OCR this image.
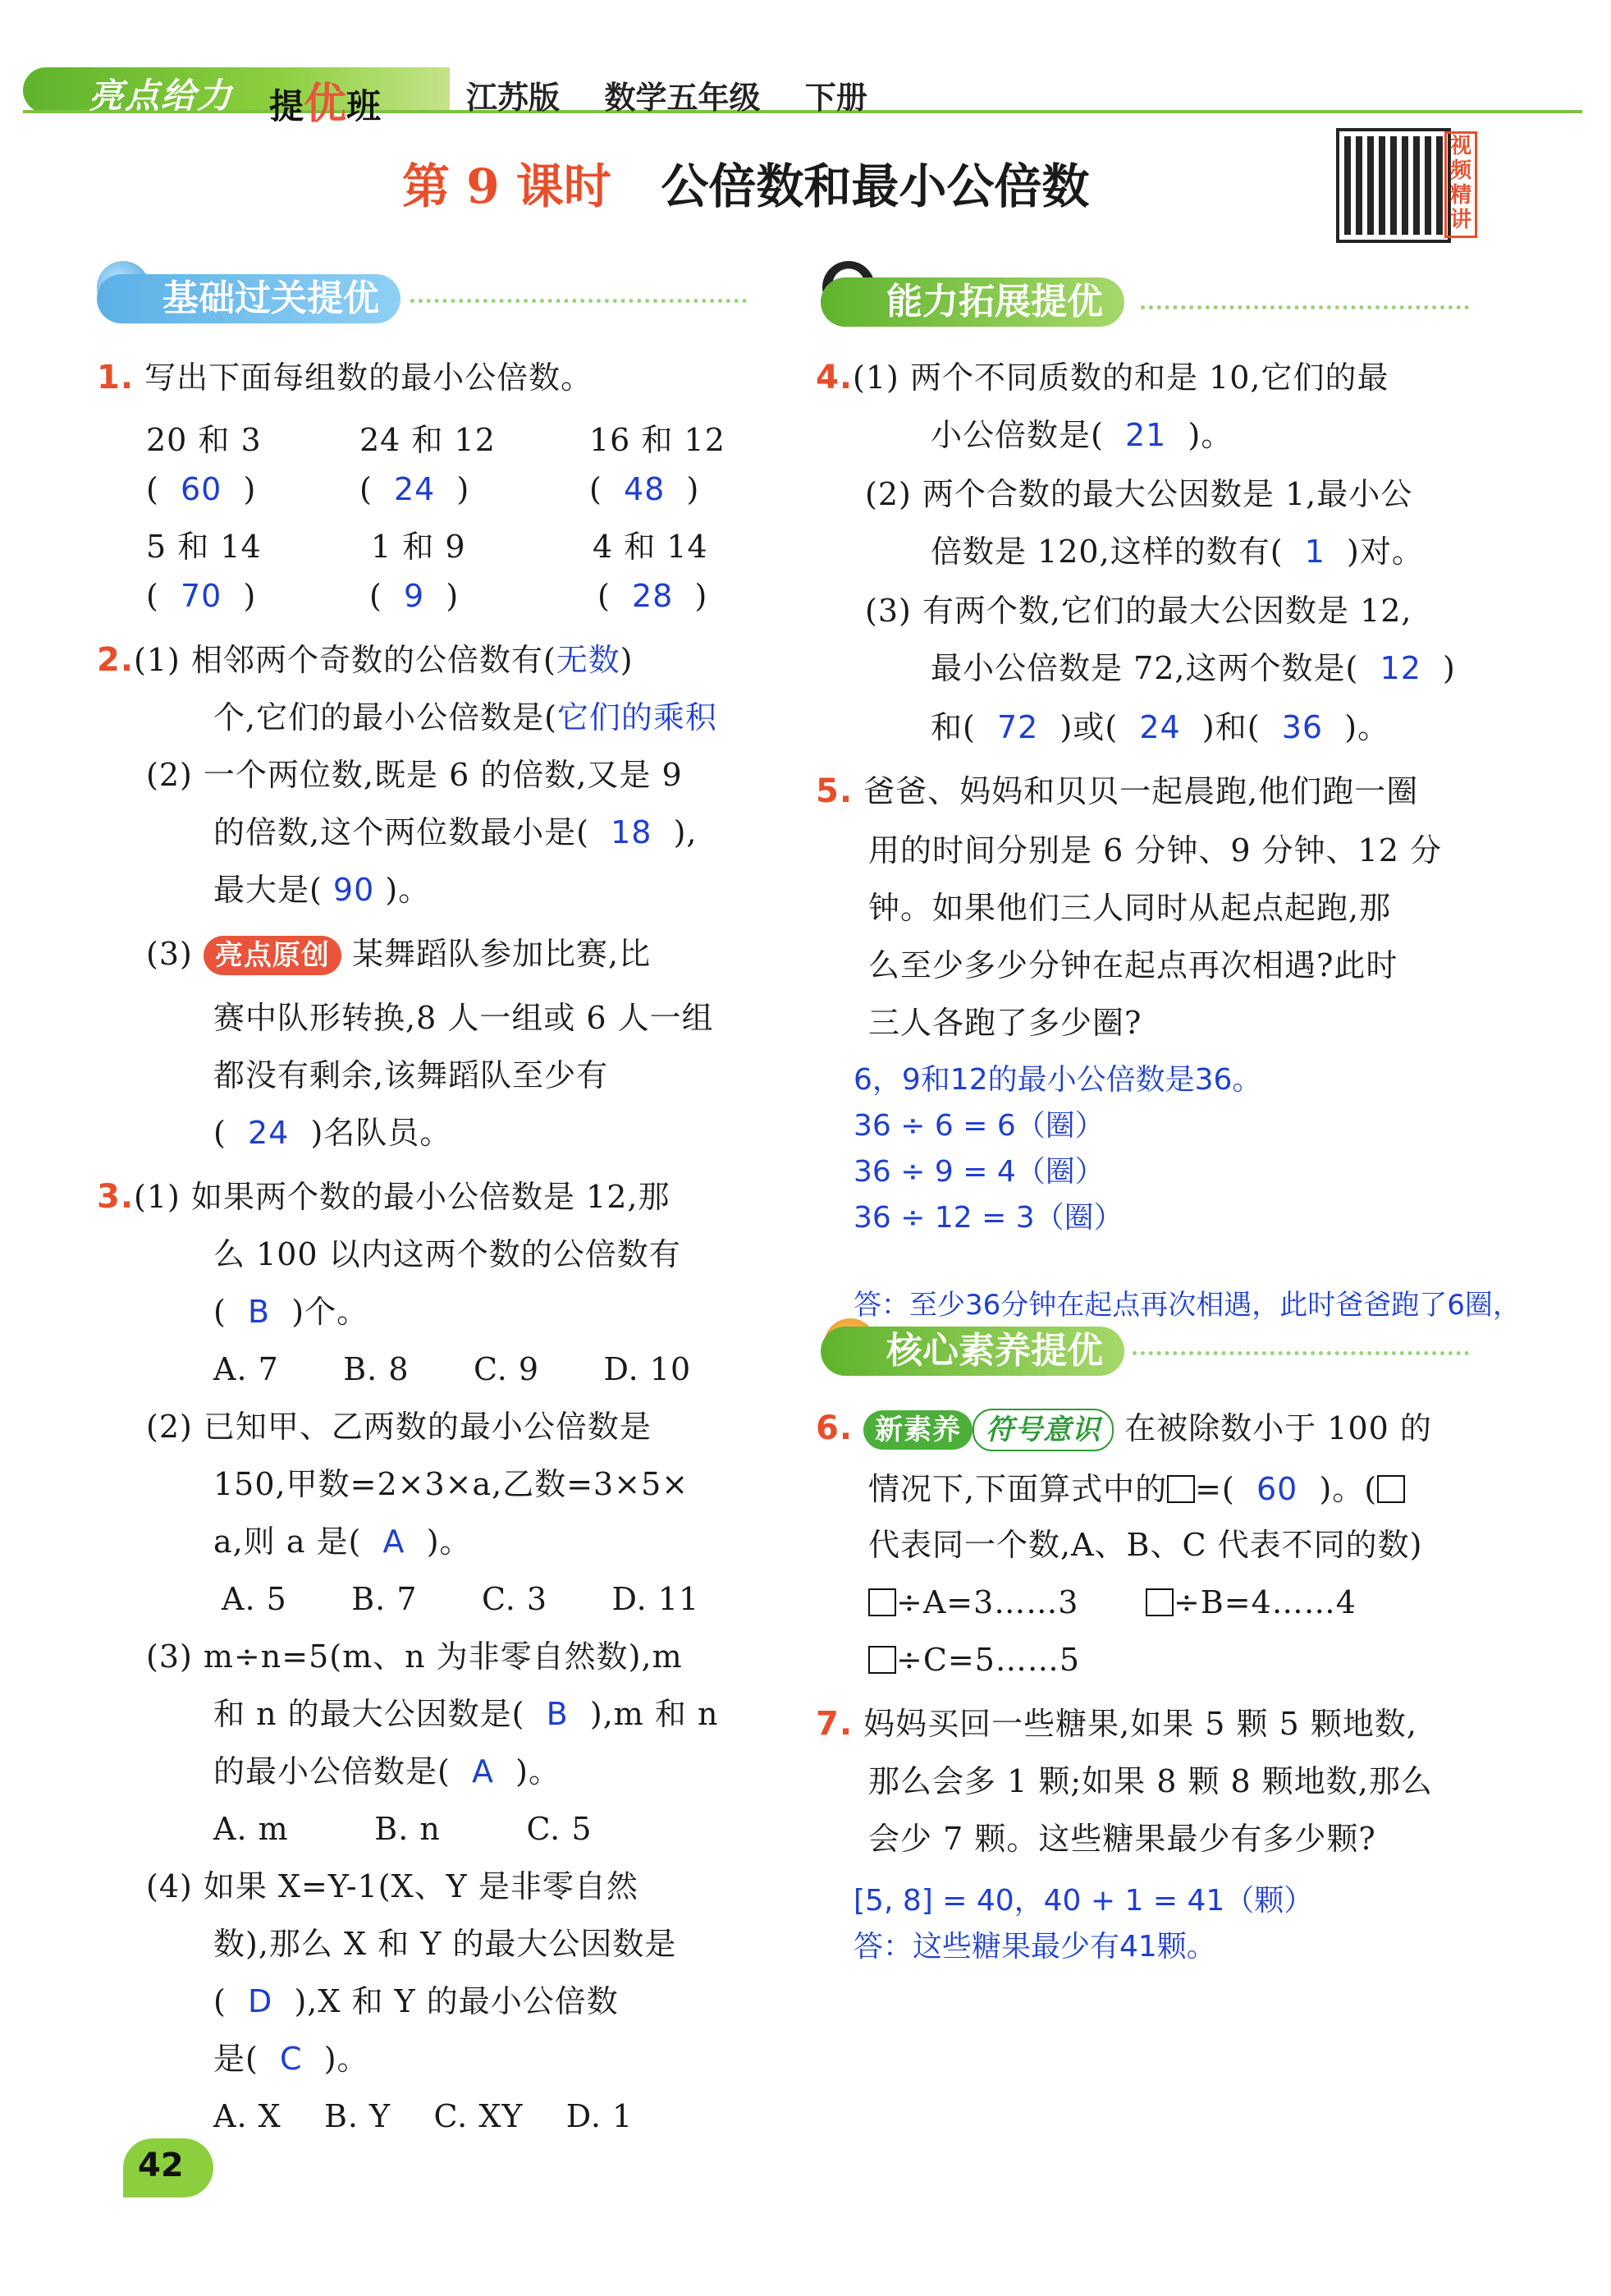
亮点给力 提优班	江苏版  数学五年级  下册
第 9 课时 公倍数和最小公倍数
视频精讲
基础过关提优
1. 写出下面每组数的最小公倍数。
20 和 3	24 和 12	16 和 12
(  60  )	(  24  )	(  48  )
5 和 14	1 和 9	4 和 14
(  70  )	(  9  )	(  28  )
2.(1) 相邻两个奇数的公倍数有(无数)
个,它们的最小公倍数是(它们的乘积
(2) 一个两位数,既是 6 的倍数,又是 9
的倍数,这个两位数最小是( 18 ),
最大是( 90 )。
(3) 亮点原创 某舞蹈队参加比赛,比
赛中队形转换,8 人一组或 6 人一组
都没有剩余,该舞蹈队至少有
( 24 )名队员。
3.(1) 如果两个数的最小公倍数是 12,那
么 100 以内这两个数的公倍数有
( B )个。
A. 7      B. 8      C. 9      D. 10
(2) 已知甲、乙两数的最小公倍数是
150,甲数=2×3×a,乙数=3×5×
a,则 a 是( A )。
A. 5      B. 7      C. 3      D. 11
(3) m÷n=5(m、n 为非零自然数),m
和 n 的最大公因数是( B ),m 和 n
的最小公倍数是( A )。
A. m        B. n        C. 5
(4) 如果 X=Y-1(X、Y 是非零自然
数),那么 X 和 Y 的最大公因数是
( D ),X 和 Y 的最小公倍数
是( C )。
A. X    B. Y    C. XY    D. 1
能力拓展提优
4.(1) 两个不同质数的和是 10,它们的最
小公倍数是( 21 )。
(2) 两个合数的最大公因数是 1,最小公
倍数是 120,这样的数有( 1 )对。
(3) 有两个数,它们的最大公因数是 12,
最小公倍数是 72,这两个数是( 12 )
和( 72 )或( 24 )和( 36 )。
5. 爸爸、妈妈和贝贝一起晨跑,他们跑一圈
用的时间分别是 6 分钟、9 分钟、12 分
钟。如果他们三人同时从起点起跑,那
么至少多少分钟在起点再次相遇?此时
三人各跑了多少圈?
6，9和12的最小公倍数是36。
36 ÷ 6 = 6（圈）
36 ÷ 9 = 4（圈）
36 ÷ 12 = 3（圈）
答：至少36分钟在起点再次相遇，此时爸爸跑了6圈，
核心素养提优
6. 新素养 符号意识 在被除数小于 100 的
情况下,下面算式中的 =( 60 )。(
代表同一个数,A、B、C 代表不同的数)
÷A=3……3	÷B=4……4
÷C=5……5
7. 妈妈买回一些糖果,如果 5 颗 5 颗地数,
那么会多 1 颗;如果 8 颗 8 颗地数,那么
会少 7 颗。这些糖果最少有多少颗?
[5, 8] = 40，40 + 1 = 41（颗）
答：这些糖果最少有41颗。
42
